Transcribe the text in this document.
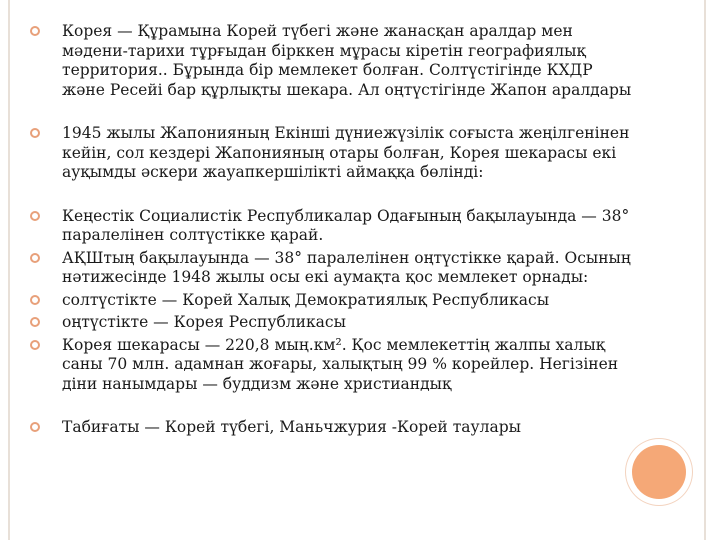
Корея — Құрамына Корей түбегі және жанасқан аралдар мен мәдени-тарихи тұрғыдан бірккен мұрасы кіретін географиялық территория.. Бұрында бір мемлекет болған. Солтүстігінде КХДР және Ресейі бар құрлықты шекара. Ал оңтүстігінде Жапон аралдары
1945 жылы Жапонияның Екінші дүниежүзілік соғыста жеңілгенінен кейін, сол кездері Жапонияның отары болған, Корея шекарасы екі ауқымды әскери жауапкершілікті аймаққа бөлінді:
Кеңестік Социалистік Республикалар Одағының бақылауында — 38° паралелінен солтүстікке қарай.
АҚШтың бақылауында — 38° паралелінен оңтүстікке қарай. Осының нәтижесінде 1948 жылы осы екі аумақта қос мемлекет орнады:
солтүстікте — Корей Халық Демократиялық Республикасы
оңтүстікте — Корея Республикасы
Корея шекарасы — 220,8 мың.км². Қос мемлекеттің жалпы халық саны 70 млн. адамнан жоғары, халықтың 99 % корейлер. Негізінен діни нанымдары — буддизм және христиандық
Табиғаты — Корей түбегі, Маньчжурия -Корей таулары
